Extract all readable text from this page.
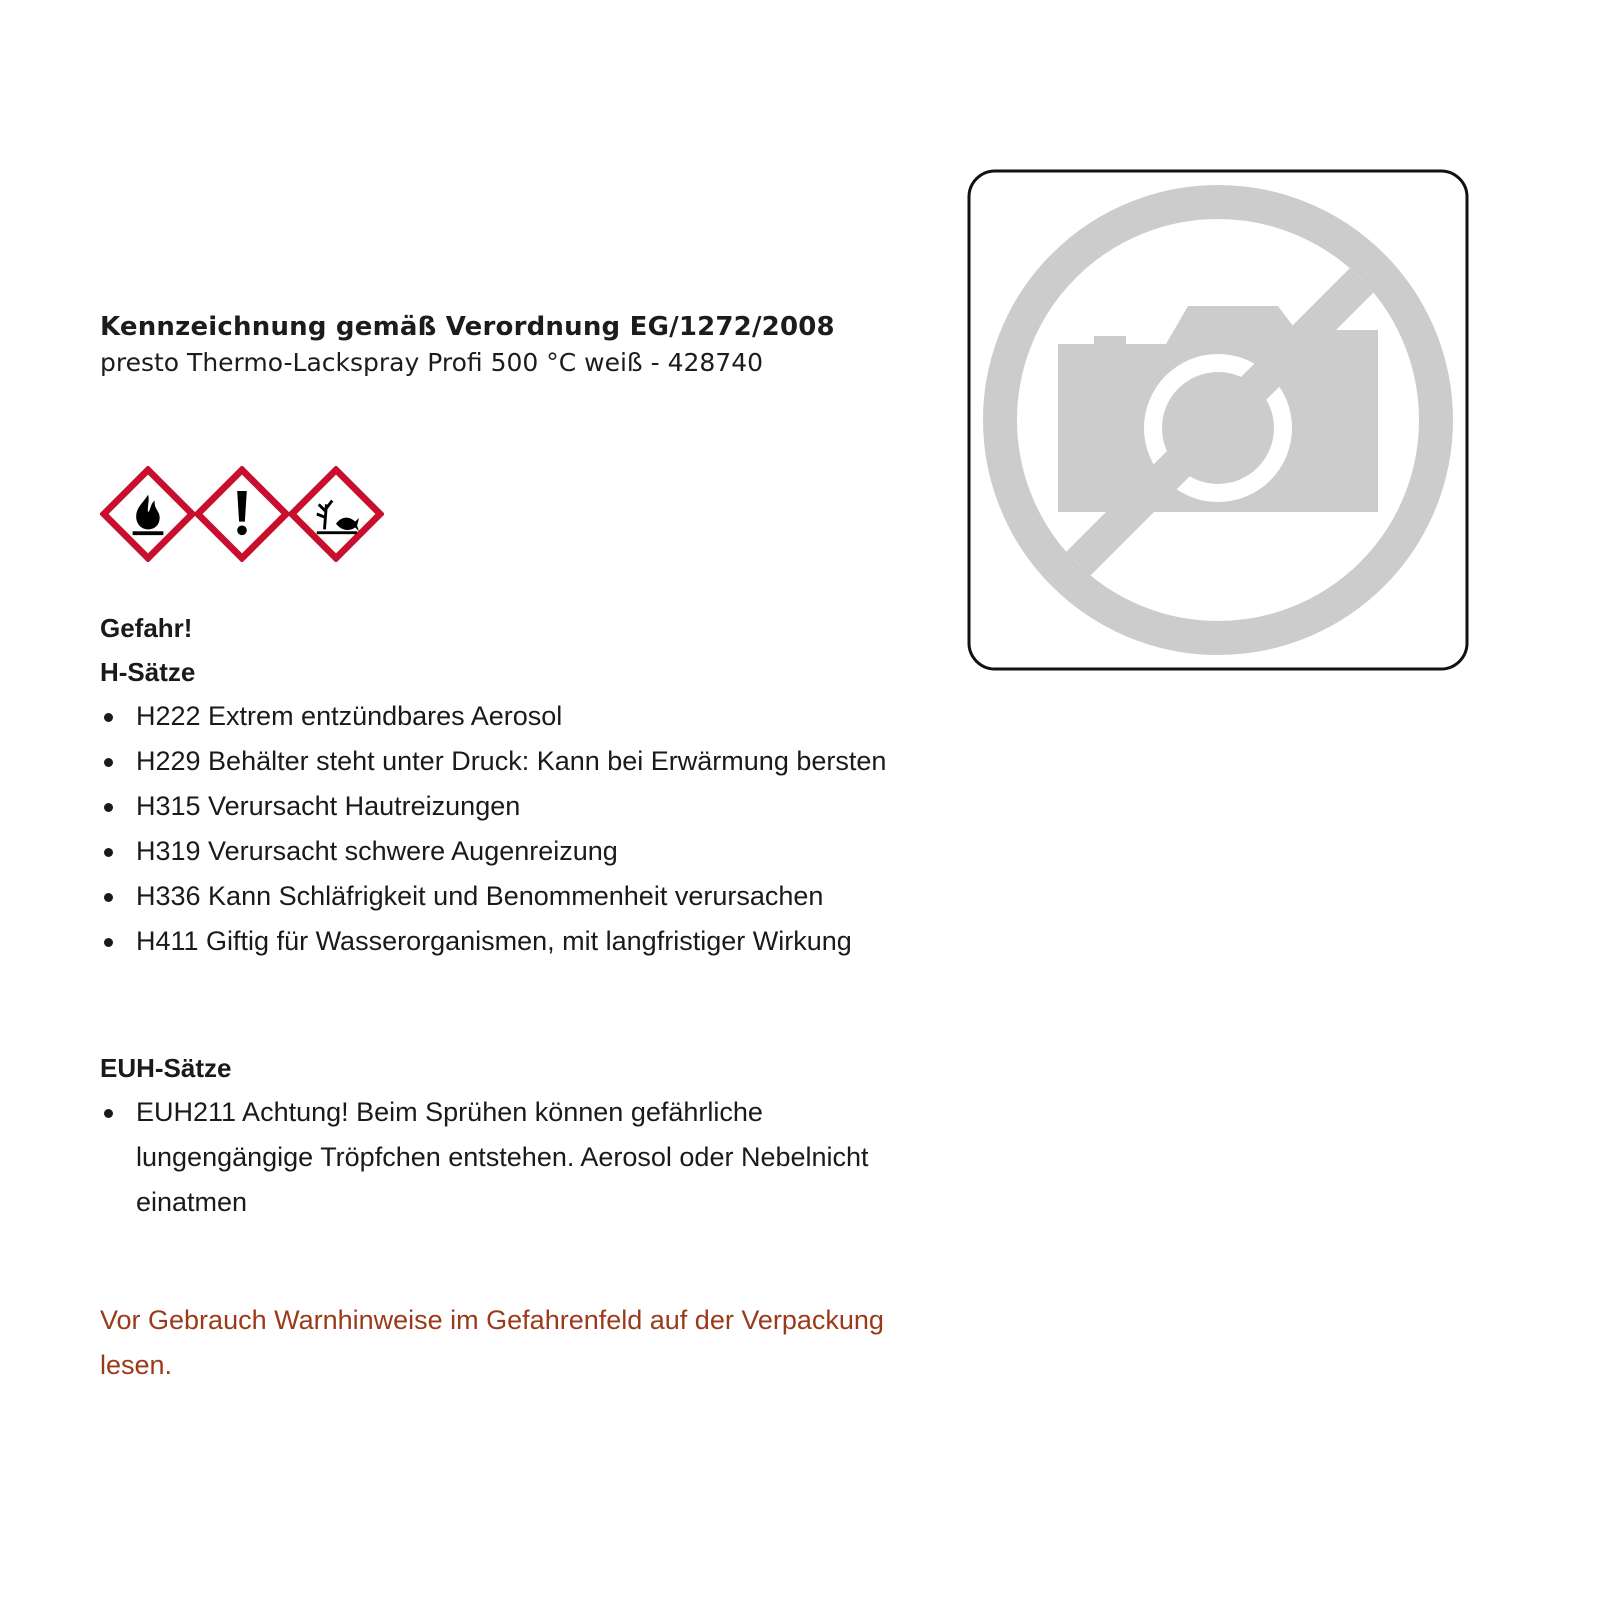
Kennzeichnung gemäß Verordnung EG/1272/2008
presto Thermo-Lackspray Profi 500 °C weiß - 428740

Gefahr!

H-Sätze

H222 Extrem entzündbares Aerosol
H229 Behälter steht unter Druck: Kann bei Erwärmung bersten
H315 Verursacht Hautreizungen
H319 Verursacht schwere Augenreizung
H336 Kann Schläfrigkeit und Benommenheit verursachen
H411 Giftig für Wasserorganismen, mit langfristiger Wirkung

EUH-Sätze

EUH211 Achtung! Beim Sprühen können gefährliche lungengängige Tröpfchen entstehen. Aerosol oder Nebelnicht einatmen
Vor Gebrauch Warnhinweise im Gefahrenfeld auf der Verpackung lesen.
